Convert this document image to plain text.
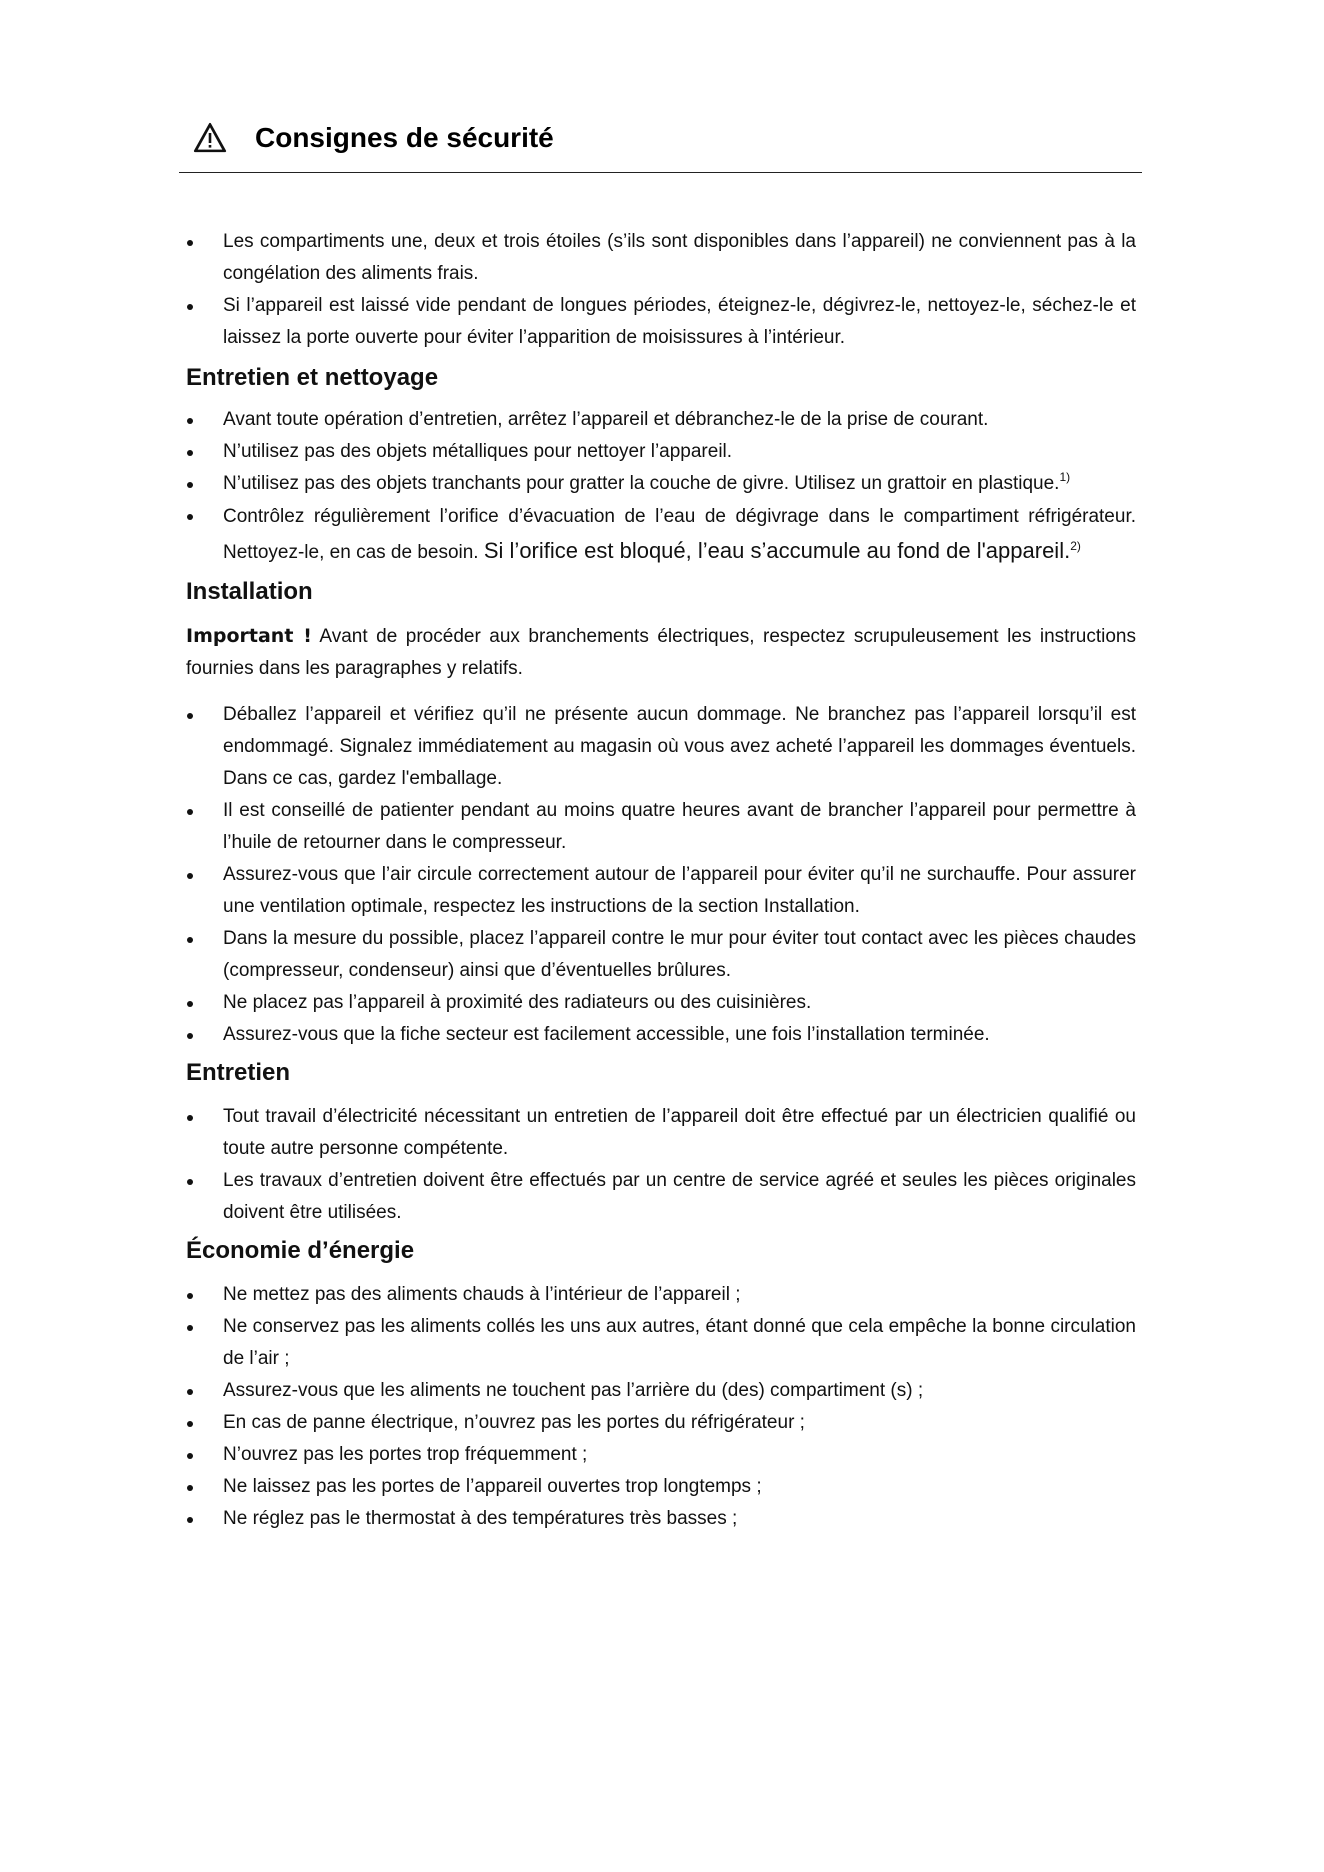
Consignes de sécurité
Les compartiments une, deux et trois étoiles (s’ils sont disponibles dans l’appareil) ne conviennent pas à la congélation des aliments frais.
Si l’appareil est laissé vide pendant de longues périodes, éteignez-le, dégivrez-le, nettoyez-le, séchez-le et laissez la porte ouverte pour éviter l’apparition de moisissures à l’intérieur.
Entretien et nettoyage
Avant toute opération d’entretien, arrêtez l’appareil et débranchez-le de la prise de courant.
N’utilisez pas des objets métalliques pour nettoyer l’appareil.
N’utilisez pas des objets tranchants pour gratter la couche de givre. Utilisez un grattoir en plastique.$^{1)}$
Contrôlez régulièrement l’orifice d’évacuation de l’eau de dégivrage dans le compartiment réfrigérateur. Nettoyez-le, en cas de besoin. Si l’orifice est bloqué, l’eau s’accumule au fond de l'appareil.$^{2)}$
Installation
Important ! Avant de procéder aux branchements électriques, respectez scrupuleusement les instructions fournies dans les paragraphes y relatifs.
Déballez l’appareil et vérifiez qu’il ne présente aucun dommage. Ne branchez pas l’appareil lorsqu’il est endommagé. Signalez immédiatement au magasin où vous avez acheté l’appareil les dommages éventuels. Dans ce cas, gardez l'emballage.
Il est conseillé de patienter pendant au moins quatre heures avant de brancher l’appareil pour permettre à l’huile de retourner dans le compresseur.
Assurez-vous que l’air circule correctement autour de l’appareil pour éviter qu’il ne surchauffe. Pour assurer une ventilation optimale, respectez les instructions de la section Installation.
Dans la mesure du possible, placez l’appareil contre le mur pour éviter tout contact avec les pièces chaudes (compresseur, condenseur) ainsi que d’éventuelles brûlures.
Ne placez pas l’appareil à proximité des radiateurs ou des cuisinières.
Assurez-vous que la fiche secteur est facilement accessible, une fois l’installation terminée.
Entretien
Tout travail d’électricité nécessitant un entretien de l’appareil doit être effectué par un électricien qualifié ou toute autre personne compétente.
Les travaux d’entretien doivent être effectués par un centre de service agréé et seules les pièces originales doivent être utilisées.
Économie d’énergie
Ne mettez pas des aliments chauds à l’intérieur de l’appareil ;
Ne conservez pas les aliments collés les uns aux autres, étant donné que cela empêche la bonne circulation de l’air ;
Assurez-vous que les aliments ne touchent pas l’arrière du (des) compartiment (s) ;
En cas de panne électrique, n’ouvrez pas les portes du réfrigérateur ;
N’ouvrez pas les portes trop fréquemment ;
Ne laissez pas les portes de l’appareil ouvertes trop longtemps ;
Ne réglez pas le thermostat à des températures très basses ;
